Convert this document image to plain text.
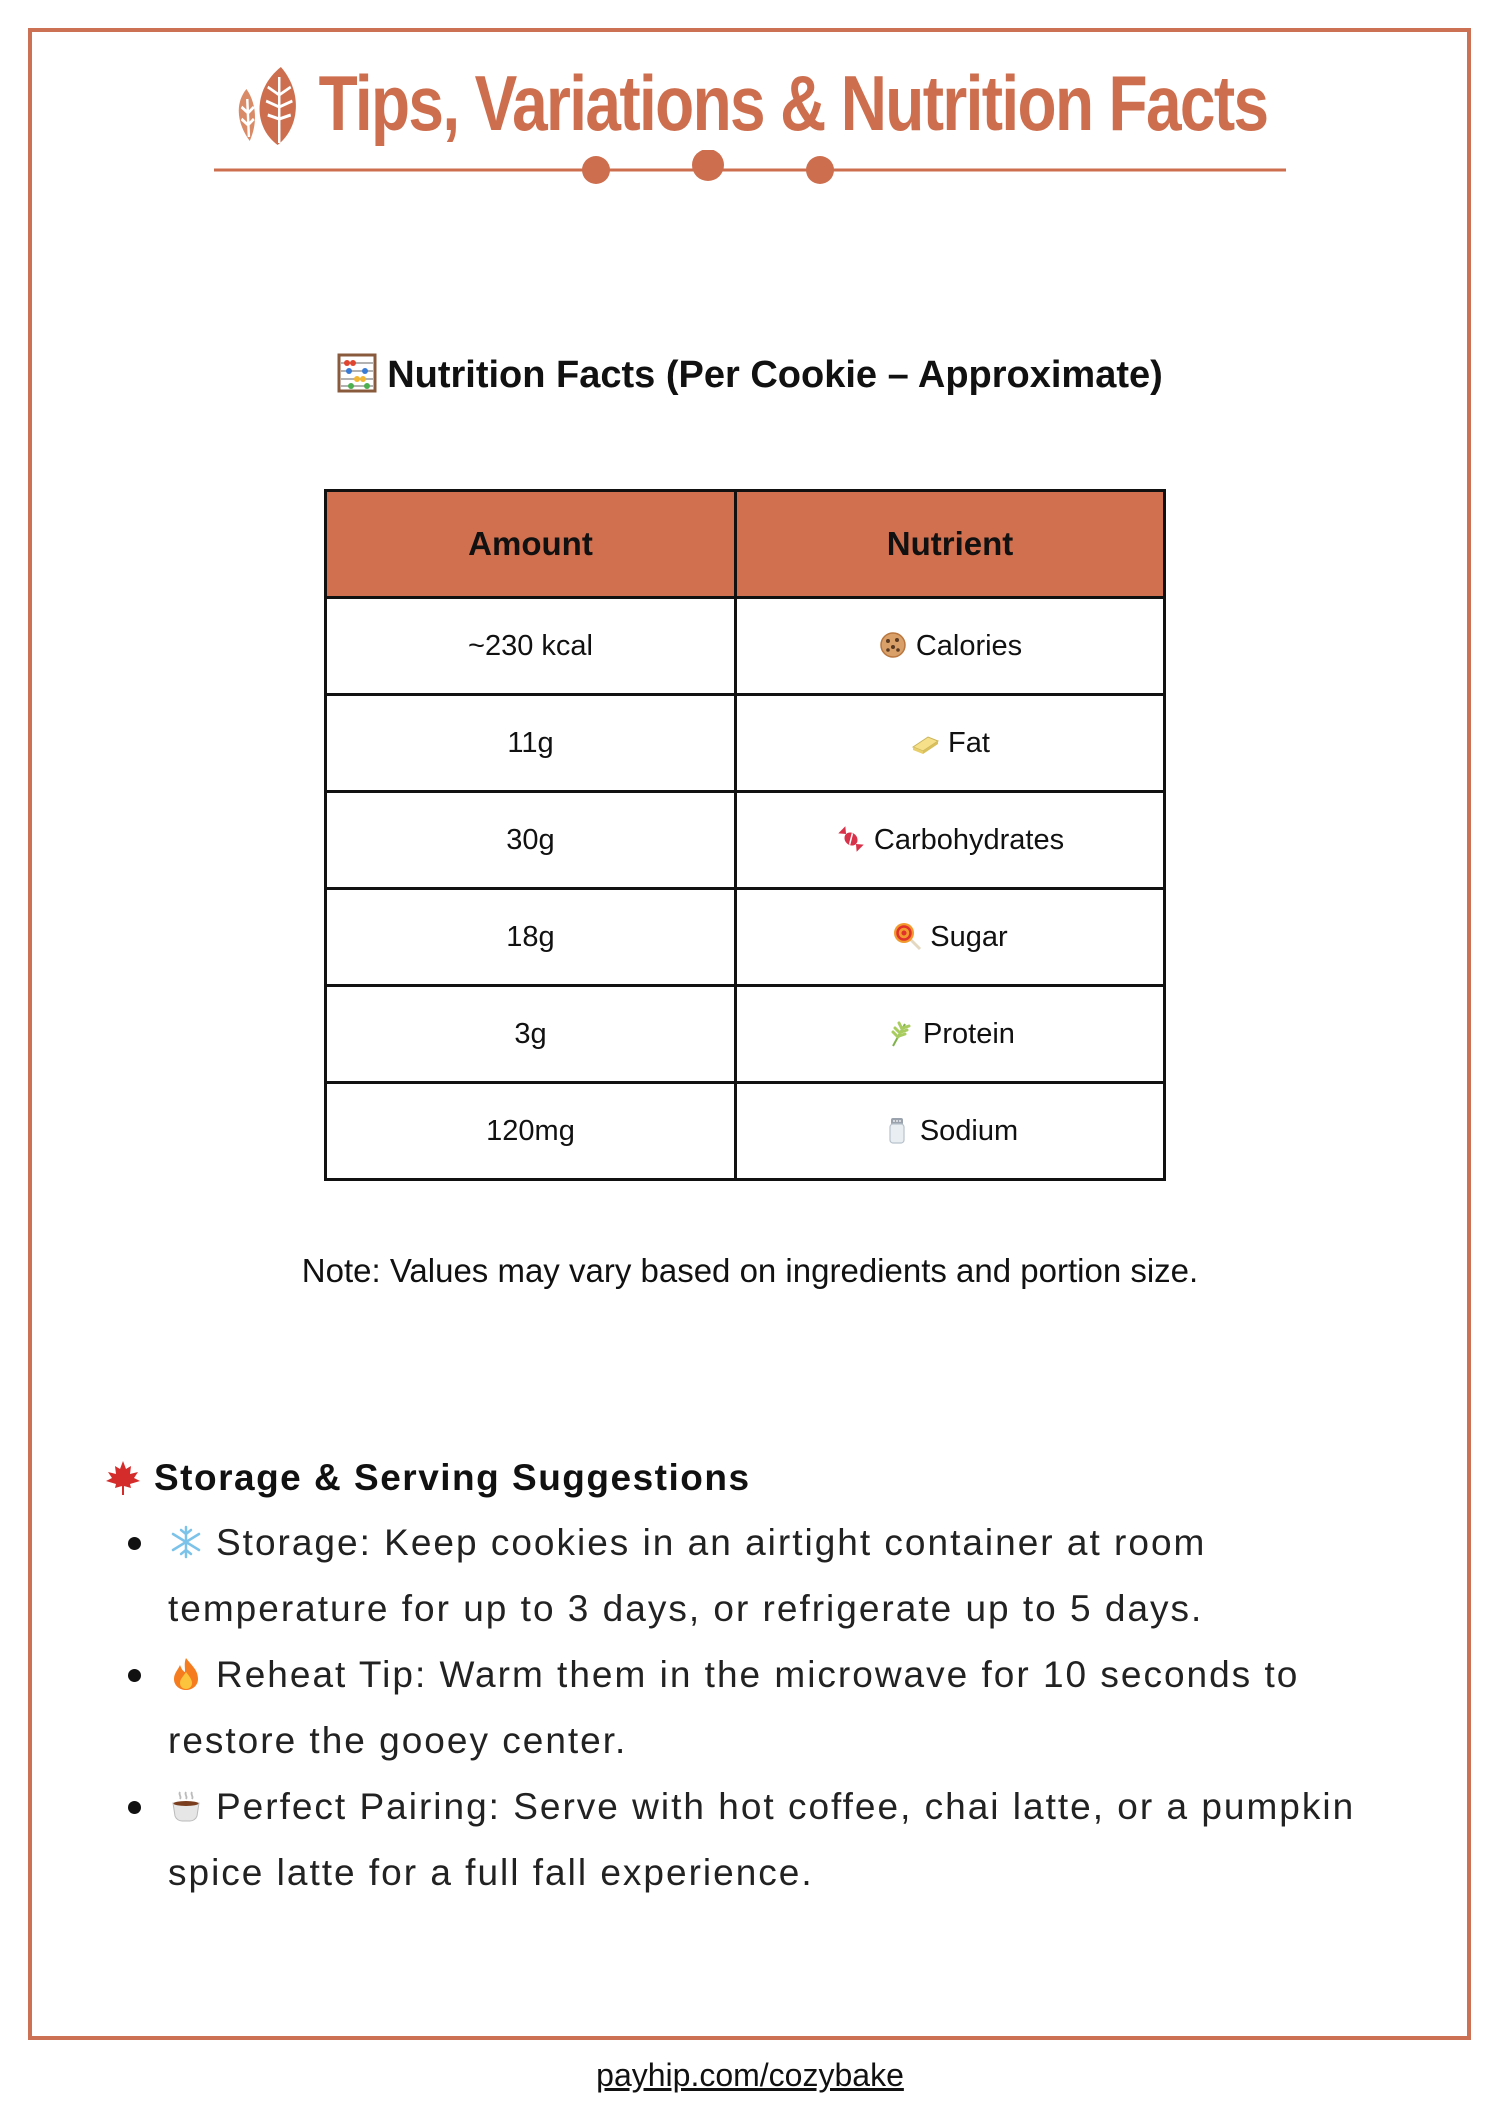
Tips, Variations & Nutrition Facts
Nutrition Facts (Per Cookie – Approximate)
Amount	Nutrient
~230 kcal	Calories
11g	Fat
30g	Carbohydrates
18g	Sugar
3g	Protein
120mg	Sodium
Note: Values may vary based on ingredients and portion size.
Storage & Serving Suggestions
Storage: Keep cookies in an airtight container at room temperature for up to 3 days, or refrigerate up to 5 days.
Reheat Tip: Warm them in the microwave for 10 seconds to restore the gooey center.
Perfect Pairing: Serve with hot coffee, chai latte, or a pumpkin spice latte for a full fall experience.
payhip.com/cozybake
